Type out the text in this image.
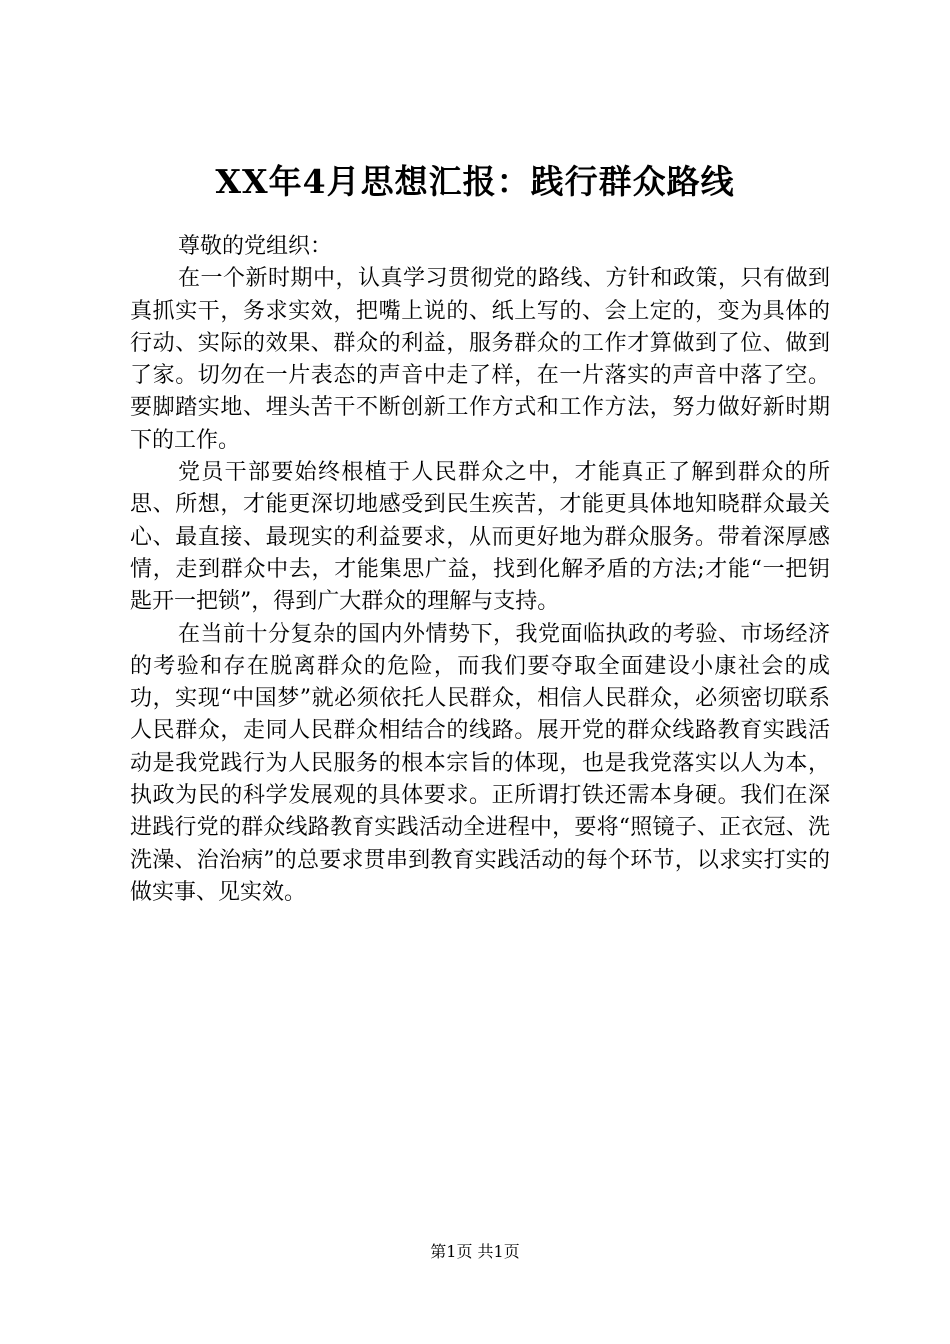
XX年4月思想汇报：践行群众路线

尊敬的党组织：

在一个新时期中，认真学习贯彻党的路线、方针和政策，只有做到真抓实干，务求实效，把嘴上说的、纸上写的、会上定的，变为具体的行动、实际的效果、群众的利益，服务群众的工作才算做到了位、做到了家。切勿在一片表态的声音中走了样，在一片落实的声音中落了空。要脚踏实地、埋头苦干不断创新工作方式和工作方法，努力做好新时期下的工作。

党员干部要始终根植于人民群众之中，才能真正了解到群众的所思、所想，才能更深切地感受到民生疾苦，才能更具体地知晓群众最关心、最直接、最现实的利益要求，从而更好地为群众服务。带着深厚感情，走到群众中去，才能集思广益，找到化解矛盾的方法;才能“一把钥匙开一把锁”，得到广大群众的理解与支持。

在当前十分复杂的国内外情势下，我党面临执政的考验、市场经济的考验和存在脱离群众的危险，而我们要夺取全面建设小康社会的成功，实现“中国梦”就必须依托人民群众，相信人民群众，必须密切联系人民群众，走同人民群众相结合的线路。展开党的群众线路教育实践活动是我党践行为人民服务的根本宗旨的体现，也是我党落实以人为本，执政为民的科学发展观的具体要求。正所谓打铁还需本身硬。我们在深进践行党的群众线路教育实践活动全进程中，要将“照镜子、正衣冠、洗洗澡、治治病”的总要求贯串到教育实践活动的每个环节，以求实打实的做实事、见实效。

第1页 共1页
